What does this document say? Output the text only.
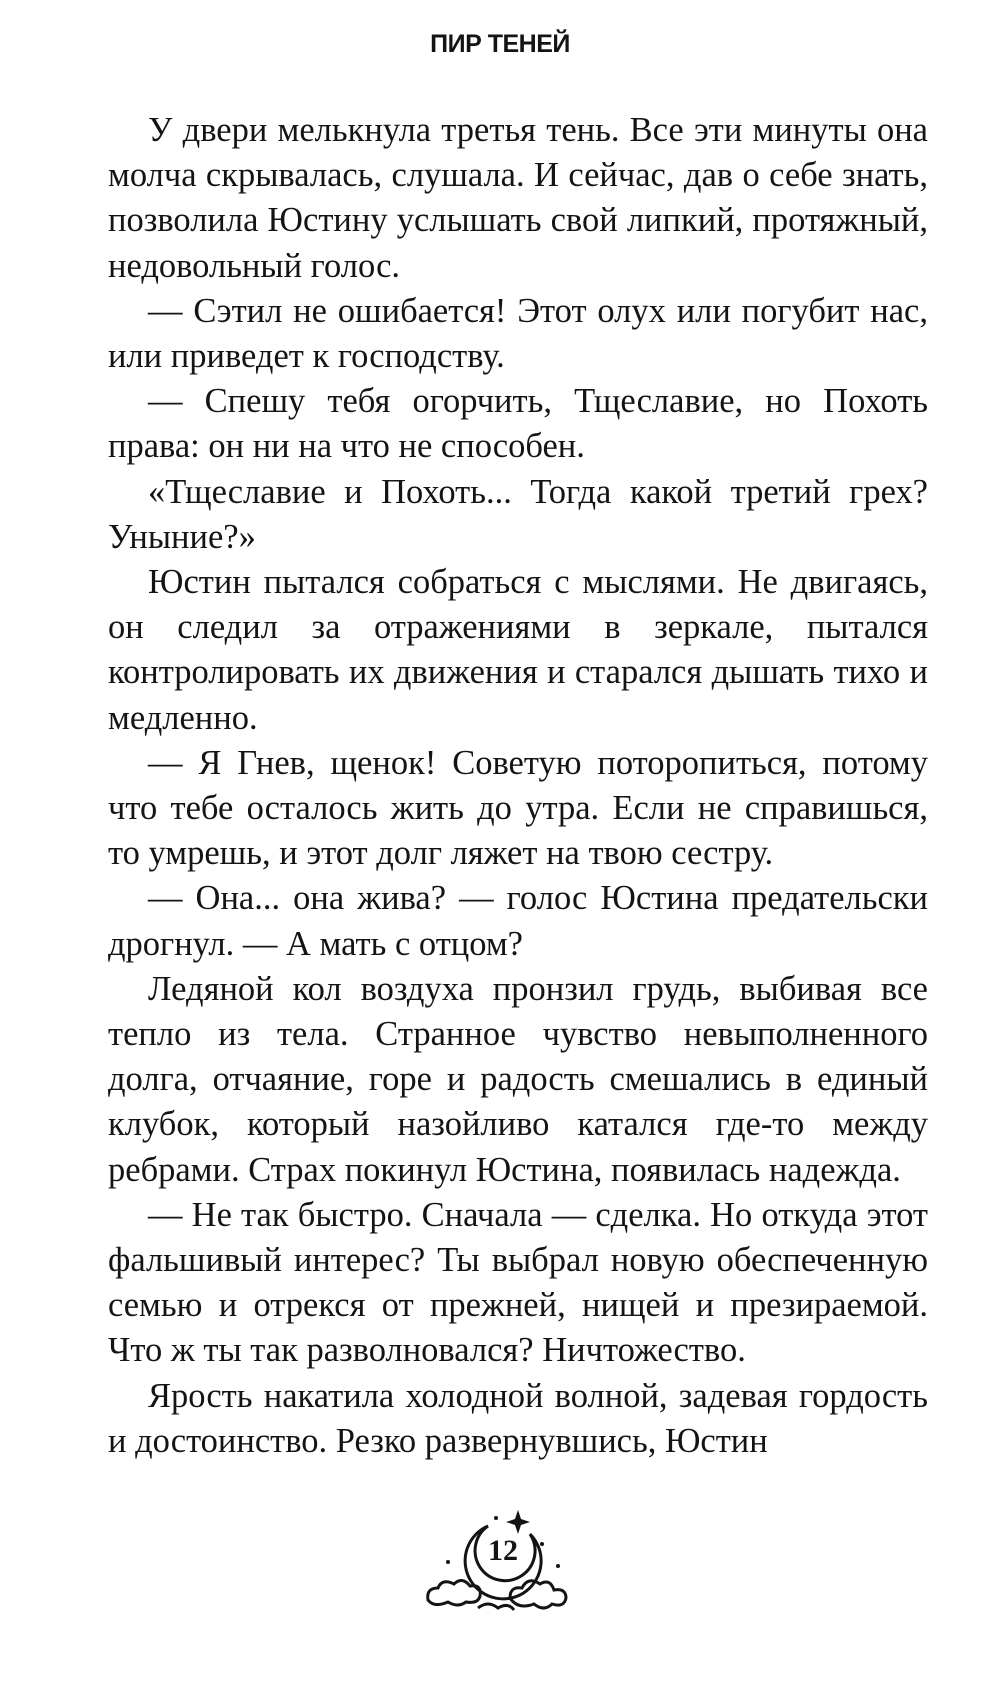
ПИР ТЕНЕЙ

У двери мелькнула третья тень. Все эти минуты она молча скрывалась, слушала. И сейчас, дав о себе знать, позволила Юстину услышать свой липкий, протяжный, недовольный голос.

— Сэтил не ошибается! Этот олух или погубит нас, или приведет к господству.

— Спешу тебя огорчить, Тщеславие, но Похоть права: он ни на что не способен.

«Тщеславие и Похоть... Тогда какой третий грех? Уныние?»

Юстин пытался собраться с мыслями. Не двигаясь, он следил за отражениями в зеркале, пытался контролировать их движения и старался дышать тихо и медленно.

— Я Гнев, щенок! Советую поторопиться, потому что тебе осталось жить до утра. Если не справишься, то умрешь, и этот долг ляжет на твою сестру.

— Она... она жива? — голос Юстина предательски дрогнул. — А мать с отцом?

Ледяной кол воздуха пронзил грудь, выбивая все тепло из тела. Странное чувство невыполненного долга, отчаяние, горе и радость смешались в единый клубок, который назойливо катался где-то между ребрами. Страх покинул Юстина, появилась надежда.

— Не так быстро. Сначала — сделка. Но откуда этот фальшивый интерес? Ты выбрал новую обеспеченную семью и отрекся от прежней, нищей и презираемой. Что ж ты так разволновался? Ничтожество.

Ярость накатила холодной волной, задевая гордость и достоинство. Резко развернувшись, Юстин

12
